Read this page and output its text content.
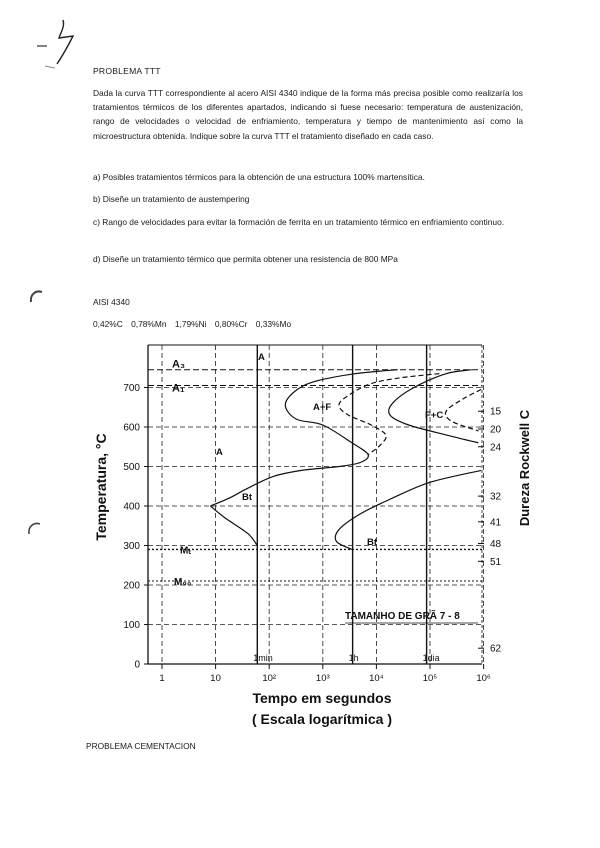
PROBLEMA TTT
Dada la curva TTT correspondiente al acero AISI 4340 indique de la forma más precisa posible como realizaría los tratamientos térmicos de los diferentes apartados, indicando si fuese necesario: temperatura de austenización, rango de velocidades o velocidad de enfriamiento, temperatura y tiempo de mantenimiento así como la microestructura obtenida. Indique sobre la curva TTT el tratamiento diseñado en cada caso.
a) Posibles tratamientos térmicos para la obtención de una estructura 100% martensítica.
b) Diseñe un tratamiento de austempering
c) Rango de velocidades para evitar la formación de ferrita en un tratamiento térmico en enfriamiento continuo.
d) Diseñe un tratamiento térmico que permita obtener una resistencia de 800 MPa
AISI 4340
0,42%C 0,78%Mn 1,79%Ni 0,80%Cr 0,33%Mo
1min	1h	1dia
0
100
200
300
400
500
600
700
1	10	10²	10³	10⁴	10⁵	10⁶
A₃
A₁
Mₜ
M₉₀
A
A
A+F
F+C
Bt
Bt
15
20
24
32
41
48
51
62
TAMANHO DE GRÃ 7 - 8
Tempo em segundos
( Escala logarítmica )
Temperatura, °C	Dureza Rockwell C
PROBLEMA CEMENTACION
